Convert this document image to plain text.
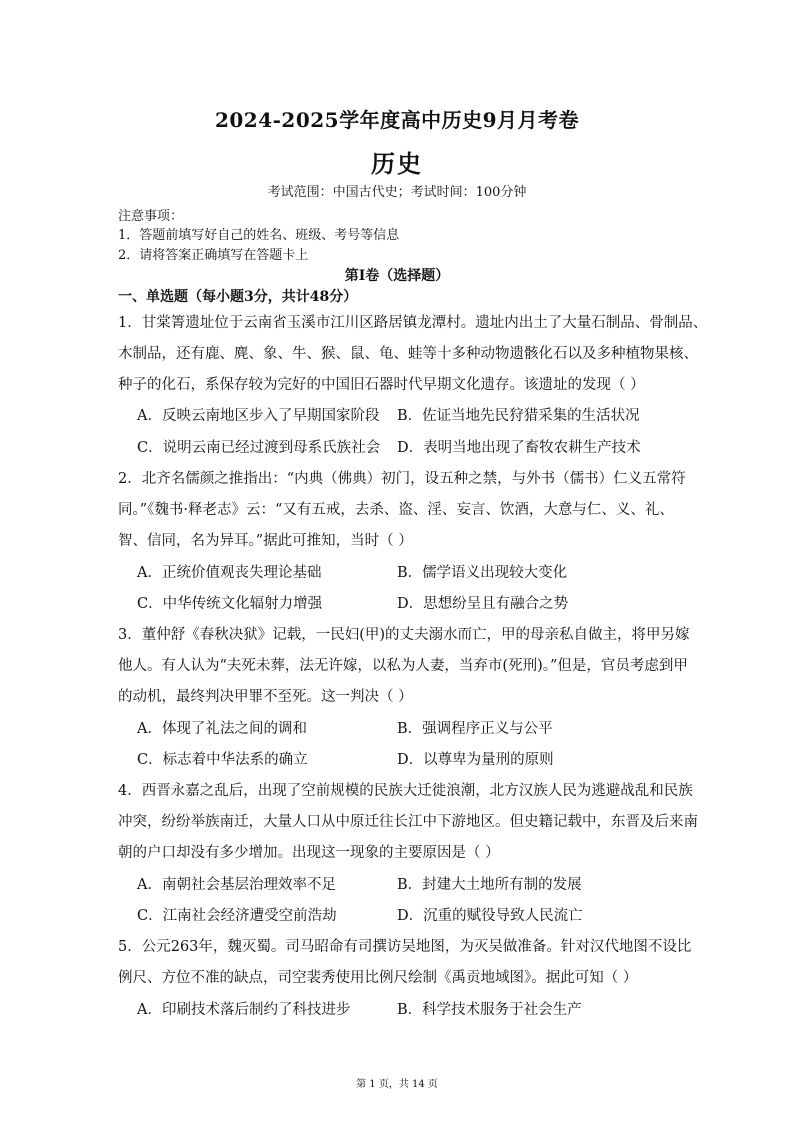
2024-2025学年度高中历史9月月考卷
历史
考试范围：中国古代史；考试时间：100分钟
注意事项：
1．答题前填写好自己的姓名、班级、考号等信息
2．请将答案正确填写在答题卡上
第I卷（选择题）
一、单选题（每小题3分，共计48分）
1．甘棠箐遗址位于云南省玉溪市江川区路居镇龙潭村。遗址内出土了大量石制品、骨制品、
木制品，还有鹿、麂、象、牛、猴、鼠、龟、蛙等十多种动物遗骸化石以及多种植物果核、
种子的化石，系保存较为完好的中国旧石器时代早期文化遗存。该遗址的发现（ ）
A．反映云南地区步入了早期国家阶段 B．佐证当地先民狩猎采集的生活状况
C．说明云南已经过渡到母系氏族社会 D．表明当地出现了畜牧农耕生产技术
2．北齐名儒颜之推指出：“内典（佛典）初门，设五种之禁，与外书（儒书）仁义五常符
同。”《魏书·释老志》云：“又有五戒，去杀、盗、淫、妄言、饮酒，大意与仁、义、礼、
智、信同，名为异耳。”据此可推知，当时（ ）
A．正统价值观丧失理论基础	B．儒学语义出现较大变化
C．中华传统文化辐射力增强	D．思想纷呈且有融合之势
3．董仲舒《春秋决狱》记载，一民妇(甲)的丈夫溺水而亡，甲的母亲私自做主，将甲另嫁
他人。有人认为“夫死未葬，法无许嫁，以私为人妻，当弃市(死刑)。”但是，官员考虑到甲
的动机，最终判决甲罪不至死。这一判决（ ）
A．体现了礼法之间的调和	B．强调程序正义与公平
C．标志着中华法系的确立	D．以尊卑为量刑的原则
4．西晋永嘉之乱后，出现了空前规模的民族大迁徙浪潮，北方汉族人民为逃避战乱和民族
冲突，纷纷举族南迁，大量人口从中原迁往长江中下游地区。但史籍记载中，东晋及后来南
朝的户口却没有多少增加。出现这一现象的主要原因是（ ）
A．南朝社会基层治理效率不足	B．封建大土地所有制的发展
C．江南社会经济遭受空前浩劫	D．沉重的赋役导致人民流亡
5．公元263年，魏灭蜀。司马昭命有司撰访吴地图，为灭吴做准备。针对汉代地图不设比
例尺、方位不准的缺点，司空裴秀使用比例尺绘制《禹贡地域图》。据此可知（ ）
A．印刷技术落后制约了科技进步	B．科学技术服务于社会生产
第 1 页，共 14 页
